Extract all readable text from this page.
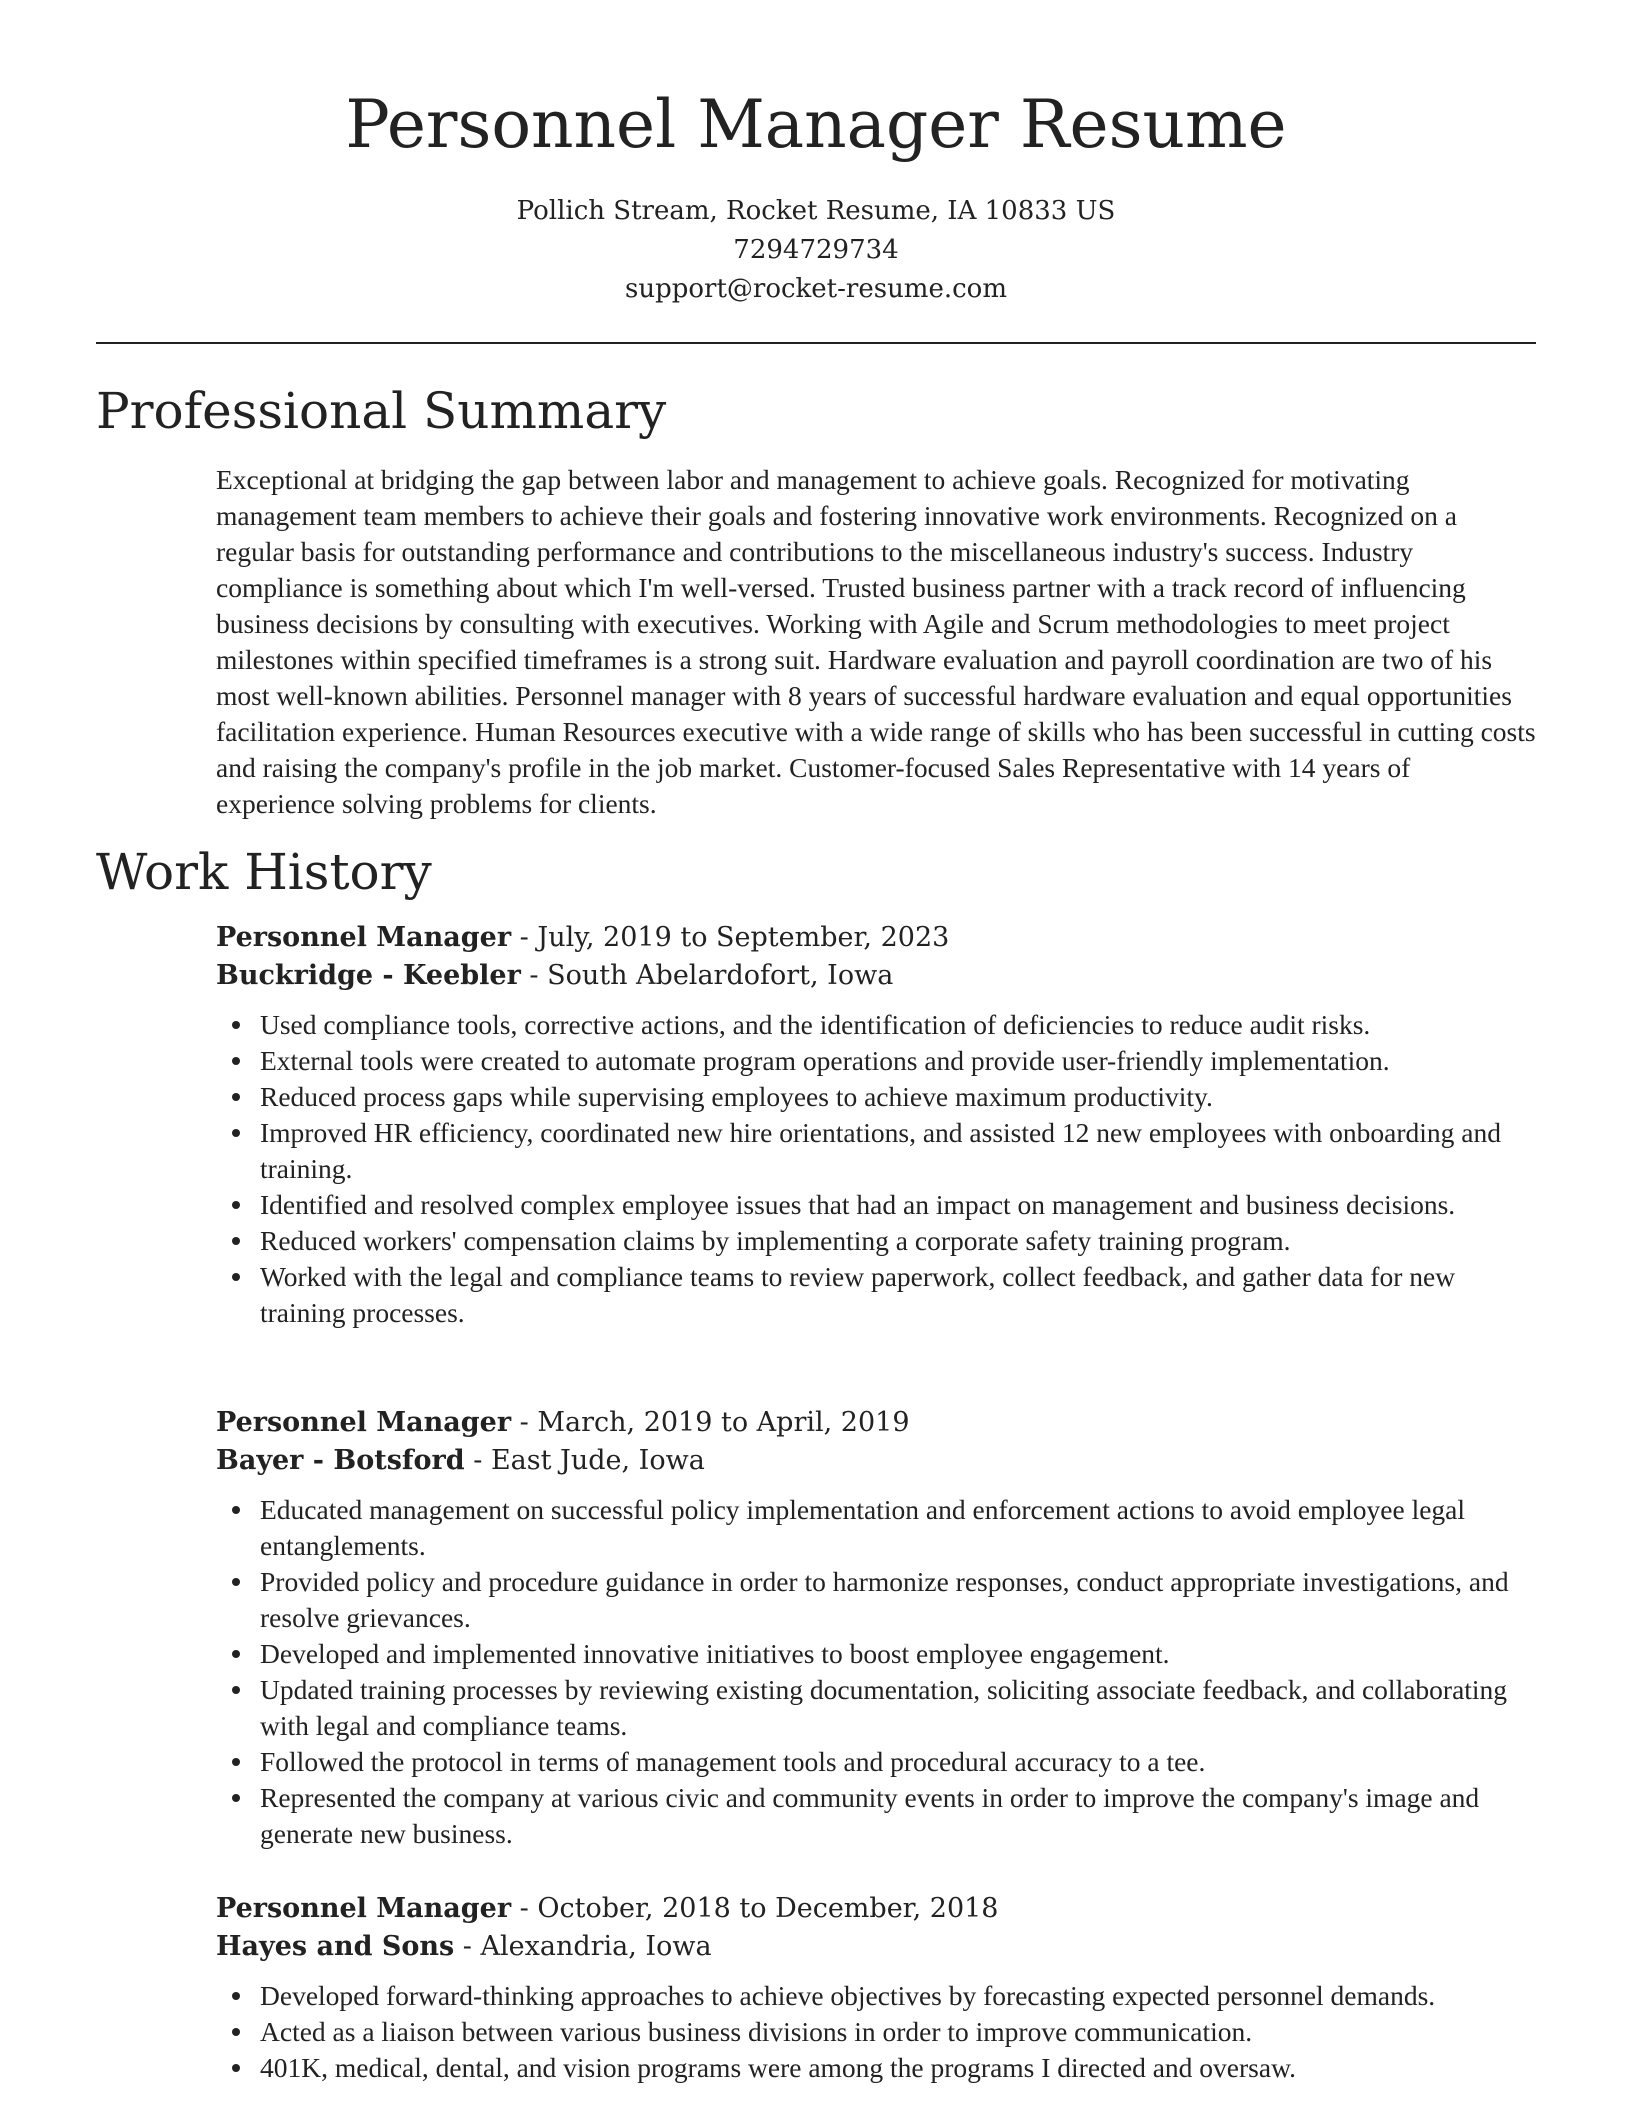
Personnel Manager Resume
Pollich Stream, Rocket Resume, IA 10833 US
7294729734
support@rocket-resume.com
Professional Summary

Exceptional at bridging the gap between labor and management to achieve goals. Recognized for motivating management team members to achieve their goals and fostering innovative work environments. Recognized on a regular basis for outstanding performance and contributions to the miscellaneous industry's success. Industry compliance is something about which I'm well-versed. Trusted business partner with a track record of influencing business decisions by consulting with executives. Working with Agile and Scrum methodologies to meet project milestones within specified timeframes is a strong suit. Hardware evaluation and payroll coordination are two of his most well-known abilities. Personnel manager with 8 years of successful hardware evaluation and equal opportunities facilitation experience. Human Resources executive with a wide range of skills who has been successful in cutting costs and raising the company's profile in the job market. Customer-focused Sales Representative with 14 years of experience solving problems for clients.

Work History
Personnel Manager - July, 2019 to September, 2023
Buckridge - Keebler - South Abelardofort, Iowa
Used compliance tools, corrective actions, and the identification of deficiencies to reduce audit risks.
External tools were created to automate program operations and provide user-friendly implementation.
Reduced process gaps while supervising employees to achieve maximum productivity.
Improved HR efficiency, coordinated new hire orientations, and assisted 12 new employees with onboarding and training.
Identified and resolved complex employee issues that had an impact on management and business decisions.
Reduced workers' compensation claims by implementing a corporate safety training program.
Worked with the legal and compliance teams to review paperwork, collect feedback, and gather data for new training processes.
Personnel Manager - March, 2019 to April, 2019
Bayer - Botsford - East Jude, Iowa
Educated management on successful policy implementation and enforcement actions to avoid employee legal entanglements.
Provided policy and procedure guidance in order to harmonize responses, conduct appropriate investigations, and resolve grievances.
Developed and implemented innovative initiatives to boost employee engagement.
Updated training processes by reviewing existing documentation, soliciting associate feedback, and collaborating with legal and compliance teams.
Followed the protocol in terms of management tools and procedural accuracy to a tee.
Represented the company at various civic and community events in order to improve the company's image and generate new business.
Personnel Manager - October, 2018 to December, 2018
Hayes and Sons - Alexandria, Iowa
Developed forward-thinking approaches to achieve objectives by forecasting expected personnel demands.
Acted as a liaison between various business divisions in order to improve communication.
401K, medical, dental, and vision programs were among the programs I directed and oversaw.
